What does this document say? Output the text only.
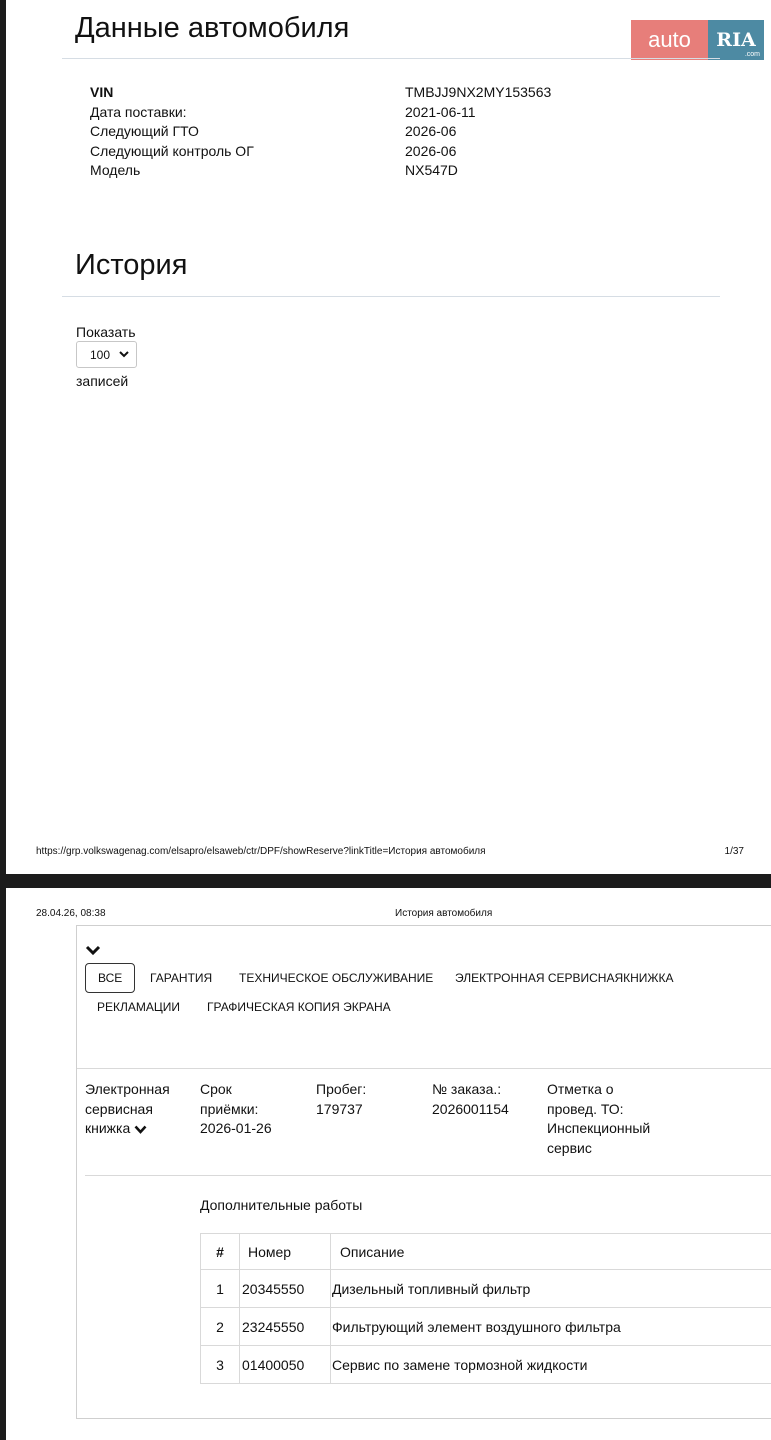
Данные автомобиля	auto	RIA
.com
VIN	TMBJJ9NX2MY153563
Дата поставки:	2021-06-11
Следующий ГТО	2026-06
Следующий контроль ОГ	2026-06
Модель	NX547D
История
Показать
100
записей
https://grp.volkswagenag.com/elsapro/elsaweb/ctr/DPF/showReserve?linkTitle=История автомобиля	1/37
28.04.26, 08:38	История автомобиля
ВСЕ	ГАРАНТИЯ ТЕХНИЧЕСКОЕ ОБСЛУЖИВАНИЕ ЭЛЕКТРОННАЯ СЕРВИСНАЯКНИЖКА
РЕКЛАМАЦИИ ГРАФИЧЕСКАЯ КОПИЯ ЭКРАНА
Электронная
сервисная
книжка
Срок
приёмки:
2026-01-26
Пробег:
179737
№ заказа.:
2026001154
Отметка о
провед. ТО:
Инспекционный
сервис
Дополнительные работы
#	Номер	Описание
1	20345550	Дизельный топливный фильтр
2	23245550	Фильтрующий элемент воздушного фильтра
3	01400050	Сервис по замене тормозной жидкости
